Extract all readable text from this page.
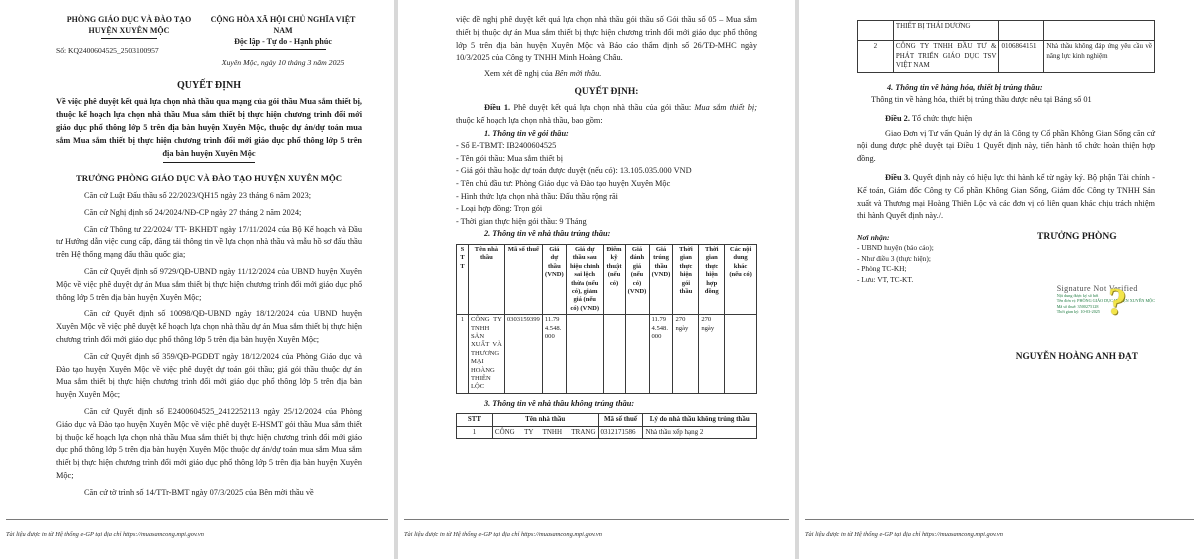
PHÒNG GIÁO DỤC VÀ ĐÀO TẠO HUYỆN XUYÊN MỘC
Số: KQ2400604525_2503100957
CỘNG HÒA XÃ HỘI CHỦ NGHĨA VIỆT NAM
Độc lập - Tự do - Hạnh phúc
Xuyên Mộc, ngày 10 tháng 3 năm 2025
QUYẾT ĐỊNH
Về việc phê duyệt kết quả lựa chọn nhà thầu qua mạng của gói thầu Mua sắm thiết bị, thuộc kế hoạch lựa chọn nhà thầu Mua sắm thiết bị thực hiện chương trình đổi mới giáo dục phổ thông lớp 5 trên địa bàn huyện Xuyên Mộc, thuộc dự án/dự toán mua sắm Mua sắm thiết bị thực hiện chương trình đổi mới giáo dục phổ thông lớp 5 trên địa bàn huyện Xuyên Mộc
TRƯỞNG PHÒNG GIÁO DỤC VÀ ĐÀO TẠO HUYỆN XUYÊN MỘC

Căn cứ Luật Đấu thầu số 22/2023/QH15 ngày 23 tháng 6 năm 2023;

Căn cứ Nghị định số 24/2024/NĐ-CP ngày 27 tháng 2 năm 2024;

Căn cứ Thông tư 22/2024/ TT- BKHĐT ngày 17/11/2024 của Bộ Kế hoạch và Đầu tư Hướng dẫn việc cung cấp, đăng tải thông tin về lựa chọn nhà thầu và mẫu hồ sơ đấu thầu trên Hệ thống mạng đấu thầu quốc gia;

Căn cứ Quyết định số 9729/QĐ-UBND ngày 11/12/2024 của UBND huyện Xuyên Mộc về việc phê duyệt dự án Mua sắm thiết bị thực hiện chương trình đổi mới giáo dục phổ thông lớp 5 trên địa bàn huyện Xuyên Mộc;

Căn cứ Quyết định số 10098/QĐ-UBND ngày 18/12/2024 của UBND huyện Xuyên Mộc về việc phê duyệt kế hoạch lựa chọn nhà thầu dự án Mua sắm thiết bị thực hiện chương trình đổi mới giáo dục phổ thông lớp 5 trên địa bàn huyện Xuyên Mộc;

Căn cứ Quyết định số 359/QĐ-PGDĐT ngày 18/12/2024 của Phòng Giáo dục và Đào tạo huyện Xuyên Mộc về việc phê duyệt dự toán gói thầu; giá gói thầu thuộc dự án Mua sắm thiết bị thực hiện chương trình đổi mới giáo dục phổ thông lớp 5 trên địa bàn huyện Xuyên Mộc;

Căn cứ Quyết định số E2400604525_2412252113 ngày 25/12/2024 của Phòng Giáo dục và Đào tạo huyện Xuyên Mộc về việc phê duyệt E-HSMT gói thầu Mua sắm thiết bị thuộc kế hoạch lựa chọn nhà thầu Mua sắm thiết bị thực hiện chương trình đổi mới giáo dục phổ thông lớp 5 trên địa bàn huyện Xuyên Mộc thuộc dự án/dự toán mua sắm Mua sắm thiết bị thực hiện chương trình đổi mới giáo dục phổ thông lớp 5 trên địa bàn huyện Xuyên Mộc;

Căn cứ tờ trình số 14/TTr-BMT ngày 07/3/2025 của Bên mời thầu về

Tài liệu được in từ Hệ thống e-GP tại địa chỉ https://muasamcong.mpi.gov.vn

việc đề nghị phê duyệt kết quả lựa chọn nhà thầu gói thầu số Gói thầu số 05 – Mua sắm thiết bị thuộc dự án Mua sắm thiết bị thực hiện chương trình đổi mới giáo dục phổ thông lớp 5 trên địa bàn huyện Xuyên Mộc và Báo cáo thẩm định số 26/TĐ-MHC ngày 10/3/2025 của Công ty TNHH Minh Hoàng Châu.

Xem xét đề nghị của Bên mời thầu.

QUYẾT ĐỊNH:

Điều 1. Phê duyệt kết quả lựa chọn nhà thầu của gói thầu: Mua sắm thiết bị; thuộc kế hoạch lựa chọn nhà thầu, bao gồm:

1. Thông tin về gói thầu:
- Số E-TBMT: IB2400604525
- Tên gói thầu: Mua sắm thiết bị
- Giá gói thầu hoặc dự toán được duyệt (nếu có): 13.105.035.000 VND
- Tên chủ đầu tư: Phòng Giáo dục và Đào tạo huyện Xuyên Mộc
- Hình thức lựa chọn nhà thầu: Đấu thầu rộng rãi
- Loại hợp đồng: Trọn gói
- Thời gian thực hiện gói thầu: 9 Tháng
2. Thông tin về nhà thầu trúng thầu:
STT	Tên nhà thầu	Mã số thuế	Giá dự thầu (VND)	Giá dự thầu sau hiệu chỉnh sai lệch thừa (nếu có), giảm giá (nếu có) (VND)	Điểm kỹ thuật (nếu có)	Giá đánh giá (nếu có) (VND)	Giá trúng thầu (VND)	Thời gian thực hiện gói thầu	Thời gian thực hiện hợp đồng	Các nội dung khác (nếu có)
1	CÔNG TY TNHH SẢN XUẤT VÀ THƯƠNG MẠI HOÀNG THIÊN LỘC	0303159399	11.794.548.000				11.794.548.000	270 ngày	270 ngày	
3. Thông tin về nhà thầu không trúng thầu:
STT	Tên nhà thầu	Mã số thuế	Lý do nhà thầu không trúng thầu
1	CÔNG TY TNHH TRANG	0312171586	Nhà thầu xếp hạng 2
Tài liệu được in từ Hệ thống e-GP tại địa chỉ https://muasamcong.mpi.gov.vn
	THIẾT BỊ THÁI DƯƠNG		
2	CÔNG TY TNHH ĐẦU TƯ & PHÁT TRIỂN GIÁO DỤC TSV VIỆT NAM	0106864151	Nhà thầu không đáp ứng yêu cầu về năng lực kinh nghiệm
4. Thông tin về hàng hóa, thiết bị trúng thầu:

Thông tin về hàng hóa, thiết bị trúng thầu được nêu tại Bảng số 01

Điều 2. Tổ chức thực hiện

Giao Đơn vị Tư vấn Quản lý dự án là Công ty Cổ phần Không Gian Sống căn cứ nội dung được phê duyệt tại Điều 1 Quyết định này, tiến hành tổ chức hoàn thiện hợp đồng.

Điều 3. Quyết định này có hiệu lực thi hành kể từ ngày ký. Bộ phận Tài chính - Kế toán, Giám đốc Công ty Cổ phần Không Gian Sống, Giám đốc Công ty TNHH Sản xuất và Thương mại Hoàng Thiên Lộc và các đơn vị có liên quan khác chịu trách nhiệm thi hành Quyết định này./.

Nơi nhận:
- UBND huyện (báo cáo);
- Như điều 3 (thực hiện);
- Phòng TC-KH;
- Lưu: VT, TC-KT.
TRƯỞNG PHÒNG
Signature Not Verified
Nội dung được ký số bởi
Tên đơn vị: PHÒNG GIÁO DỤC HUYỆN XUYÊN MỘC
Mã số thuế: 3500275128
Thời gian ký: 10-03-2025 ?
NGUYỄN HOÀNG ANH ĐẠT
Tài liệu được in từ Hệ thống e-GP tại địa chỉ https://muasamcong.mpi.gov.vn
